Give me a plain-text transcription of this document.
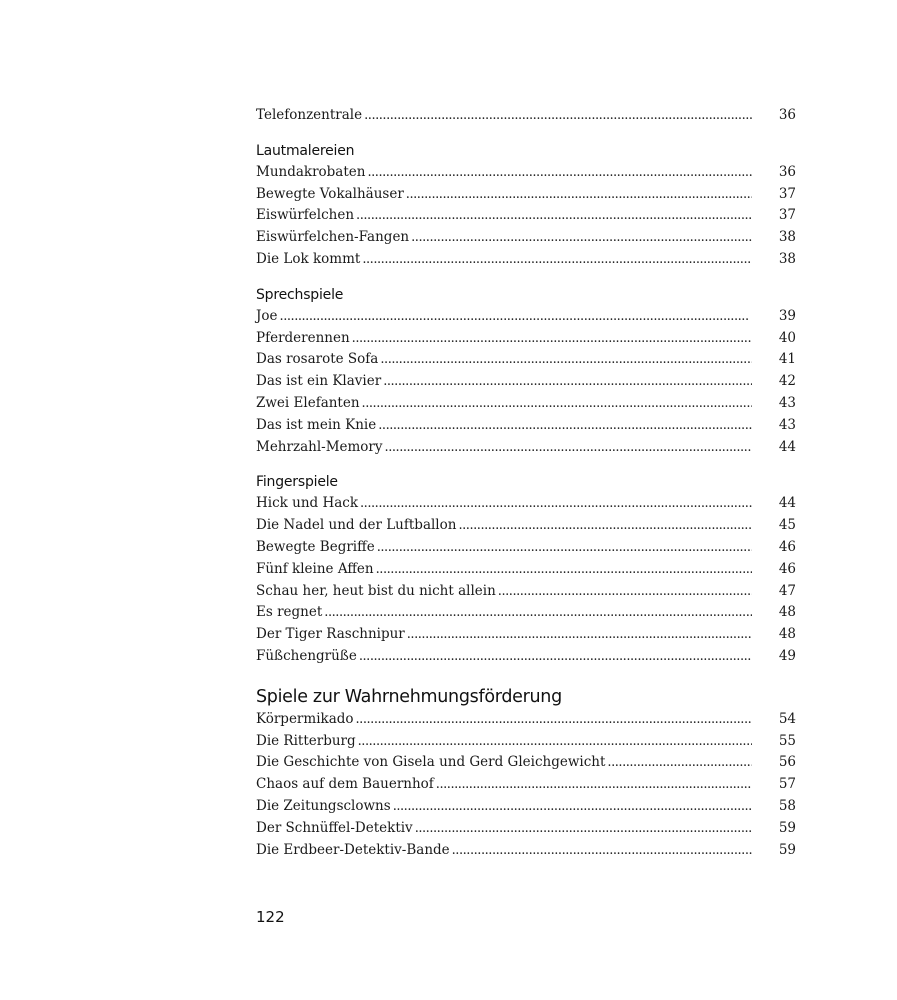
Telefonzentrale . . .	36
Lautmalereien
Mundakrobaten . . .	36
Bewegte Vokalhäuser . . .	37
Eiswürfelchen . . .	37
Eiswürfelchen-Fangen . . .	38
Die Lok kommt . . .	38
Sprechspiele
Joe . . .	39
Pferderennen . . .	40
Das rosarote Sofa . . .	41
Das ist ein Klavier . . .	42
Zwei Elefanten . . .	43
Das ist mein Knie . . .	43
Mehrzahl-Memory . . .	44
Fingerspiele
Hick und Hack . . .	44
Die Nadel und der Luftballon . . .	45
Bewegte Begriffe . . .	46
Fünf kleine Affen . . .	46
Schau her, heut bist du nicht allein . . .	47
Es regnet . . .	48
Der Tiger Raschnipur . . .	48
Füßchengrüße . . .	49
Spiele zur Wahrnehmungsförderung
Körpermikado . . .	54
Die Ritterburg . . .	55
Die Geschichte von Gisela und Gerd Gleichgewicht . . .	56
Chaos auf dem Bauernhof . . .	57
Die Zeitungsclowns . . .	58
Der Schnüffel-Detektiv . . .	59
Die Erdbeer-Detektiv-Bande . . .	59
122
